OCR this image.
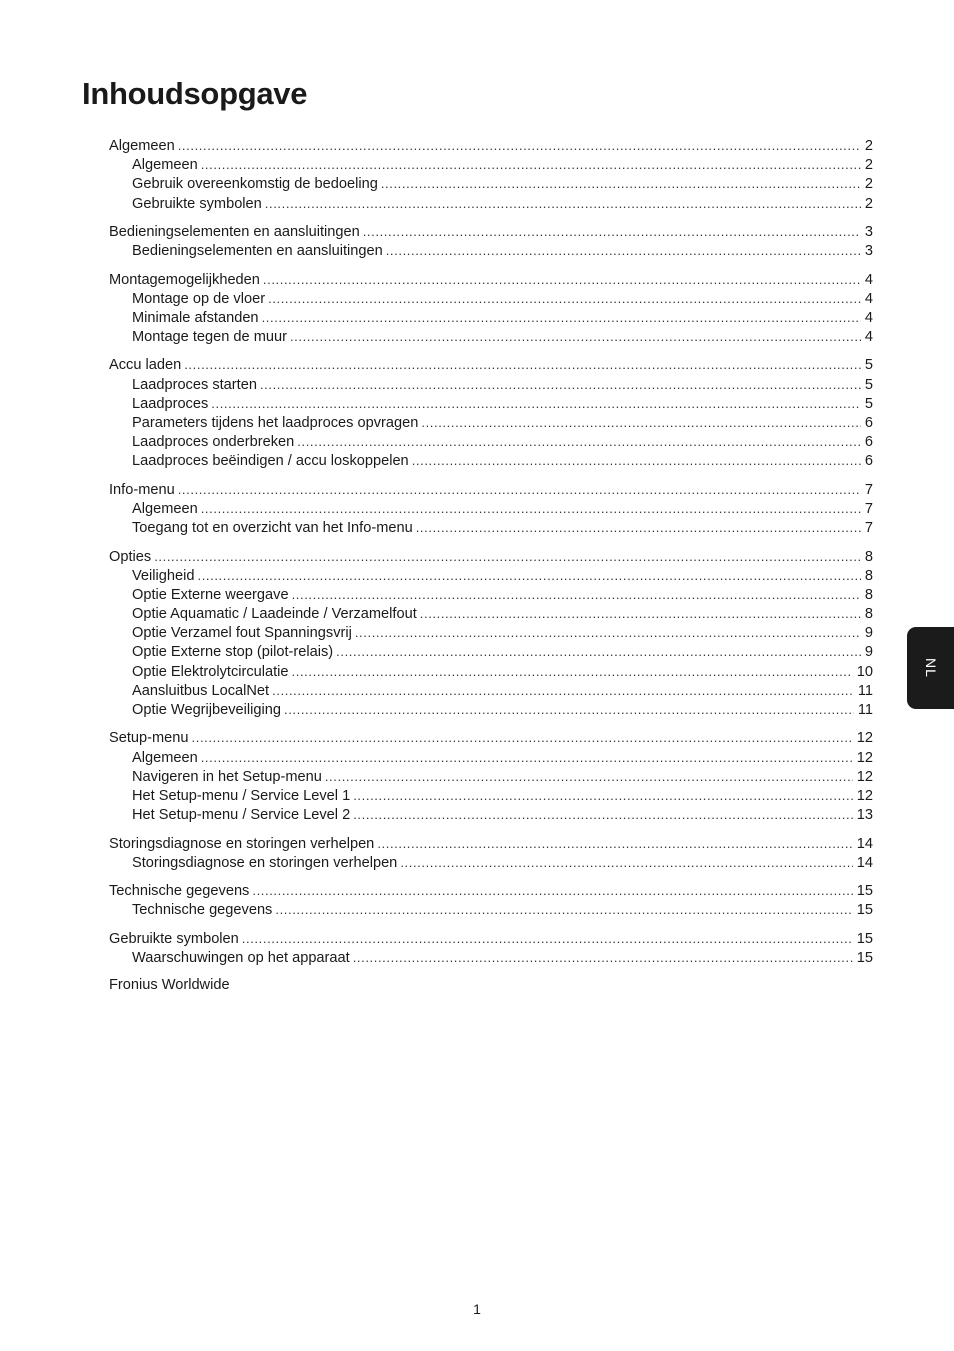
Inhoudsopgave
Algemeen .....	2
Algemeen .....	2
Gebruik overeenkomstig de bedoeling .....	2
Gebruikte symbolen .....	2
Bedieningselementen en aansluitingen .....	3
Bedieningselementen en aansluitingen .....	3
Montagemogelijkheden .....	4
Montage op de vloer .....	4
Minimale afstanden .....	4
Montage tegen de muur .....	4
Accu laden .....	5
Laadproces starten .....	5
Laadproces .....	5
Parameters tijdens het laadproces opvragen .....	6
Laadproces onderbreken .....	6
Laadproces beëindigen / accu loskoppelen .....	6
Info-menu .....	7
Algemeen .....	7
Toegang tot en overzicht van het Info-menu .....	7
Opties .....	8
Veiligheid .....	8
Optie Externe weergave .....	8
Optie Aquamatic / Laadeinde / Verzamelfout .....	8
Optie Verzamel fout Spanningsvrij .....	9
Optie Externe stop (pilot-relais) .....	9
Optie Elektrolytcirculatie .....	10
Aansluitbus LocalNet .....	11
Optie Wegrijbeveiliging .....	11
Setup-menu .....	12
Algemeen .....	12
Navigeren in het Setup-menu .....	12
Het Setup-menu / Service Level 1 .....	12
Het Setup-menu / Service Level 2 .....	13
Storingsdiagnose en storingen verhelpen .....	14
Storingsdiagnose en storingen verhelpen .....	14
Technische gegevens .....	15
Technische gegevens .....	15
Gebruikte symbolen .....	15
Waarschuwingen op het apparaat .....	15
Fronius Worldwide
NL
1
